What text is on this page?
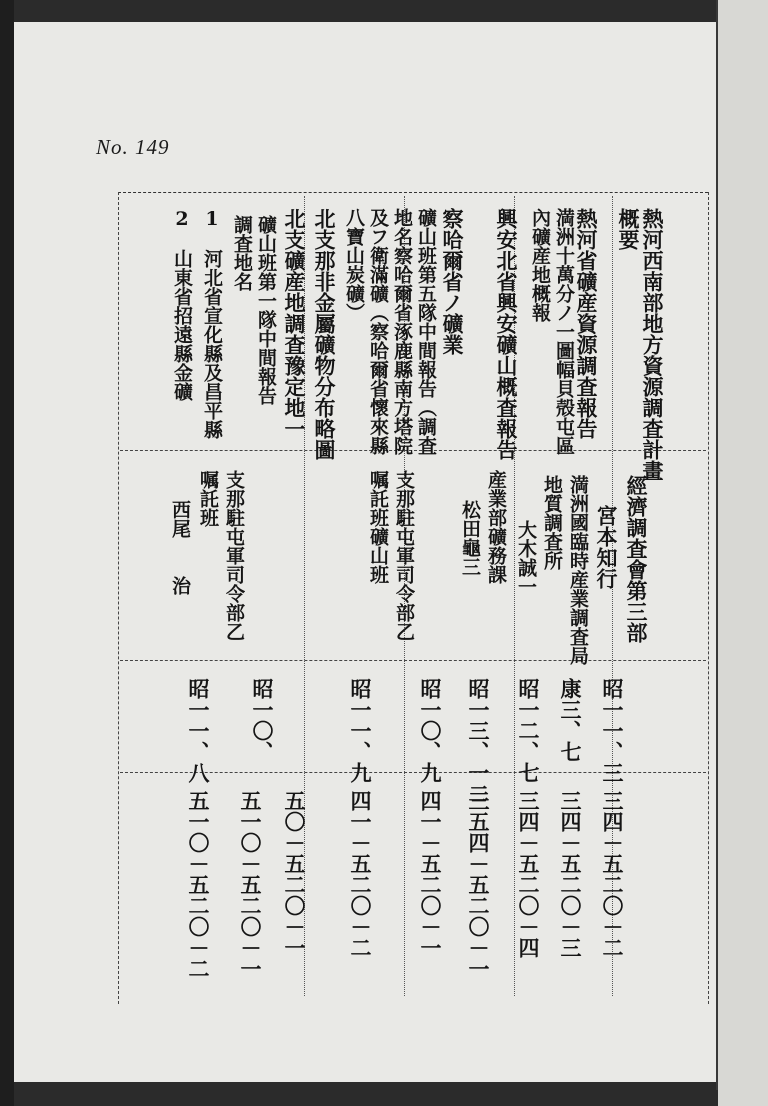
No. 149
熱河西南部地方資源調査計畫
概要
經濟調査會第三部
昭一一、三
三四－五二〇－二
熱河省礦産資源調査報告
宮本知行
康三、七
三四－五二〇－三
満洲十萬分ノ一圖幅貝殻屯區
內礦産地概報
満洲國臨時産業調査局
地質調査所
大木誠一
昭一二、七
三四－五二〇－四
興安北省興安礦山概査報告
産業部礦務課
松田龜三
昭一三、一二
三五四－五二〇－一
察哈爾省ノ礦業
礦山班第五隊中間報告（調査
地名察哈爾省涿鹿縣南方塔院
及フ衛滿礦（察哈爾省懷來縣
八寶山炭礦）
支那駐屯軍司令部乙
嘱託班礦山班
昭一〇、九
四一－五二〇－一
北支那非金屬礦物分布略圖
昭一一、九
四一－五二〇－二
北支礦産地調査豫定地一
五〇－五二〇－一
礦山班第一隊中間報告
調査地名
1　河北省宣化縣及昌平縣
2　山東省招遠縣金礦
支那駐屯軍司令部乙
嘱託班
西尾　　治
昭一〇、
五一〇－五二〇－一
昭一一、八
五一〇－五二〇－二
